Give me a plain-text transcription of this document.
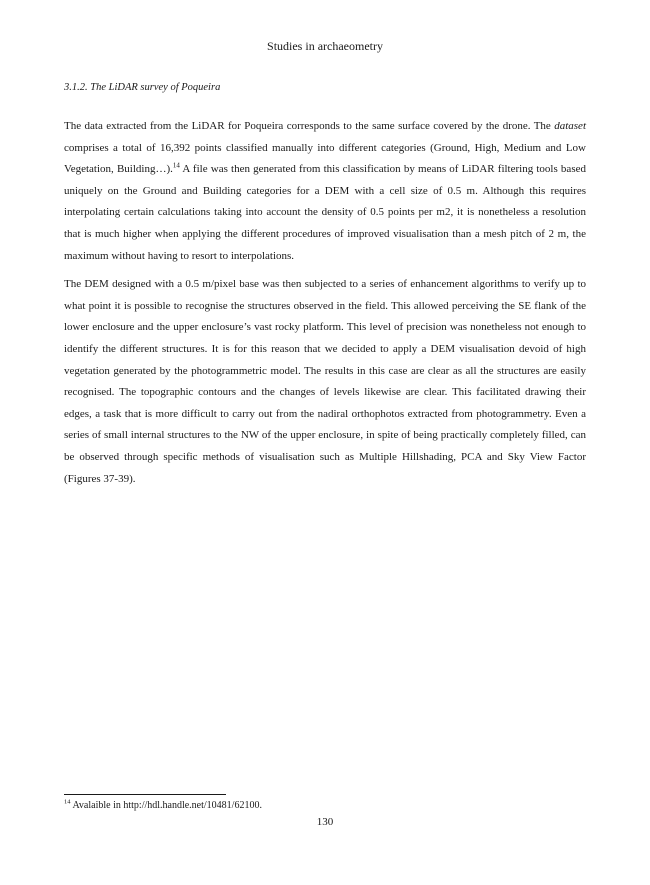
Studies in archaeometry
3.1.2. The LiDAR survey of Poqueira

The data extracted from the LiDAR for Poqueira corresponds to the same surface covered by the drone. The dataset comprises a total of 16,392 points classified manually into different categories (Ground, High, Medium and Low Vegetation, Building…).$^{14}$ A file was then generated from this classification by means of LiDAR filtering tools based uniquely on the Ground and Building categories for a DEM with a cell size of 0.5 m. Although this requires interpolating certain calculations taking into account the density of 0.5 points per m2, it is nonetheless a resolution that is much higher when applying the different procedures of improved visualisation than a mesh pitch of 2 m, the maximum without having to resort to interpolations.

The DEM designed with a 0.5 m/pixel base was then subjected to a series of enhancement algorithms to verify up to what point it is possible to recognise the structures observed in the field. This allowed perceiving the SE flank of the lower enclosure and the upper enclosure’s vast rocky platform. This level of precision was nonetheless not enough to identify the different structures. It is for this reason that we decided to apply a DEM visualisation devoid of high vegetation generated by the photogrammetric model. The results in this case are clear as all the structures are easily recognised. The topographic contours and the changes of levels likewise are clear. This facilitated drawing their edges, a task that is more difficult to carry out from the nadiral orthophotos extracted from photogrammetry. Even a series of small internal structures to the NW of the upper enclosure, in spite of being practically completely filled, can be observed through specific methods of visualisation such as Multiple Hillshading, PCA and Sky View Factor (Figures 37-39).

$^{14}$ Avalaible in http://hdl.handle.net/10481/62100.
130
